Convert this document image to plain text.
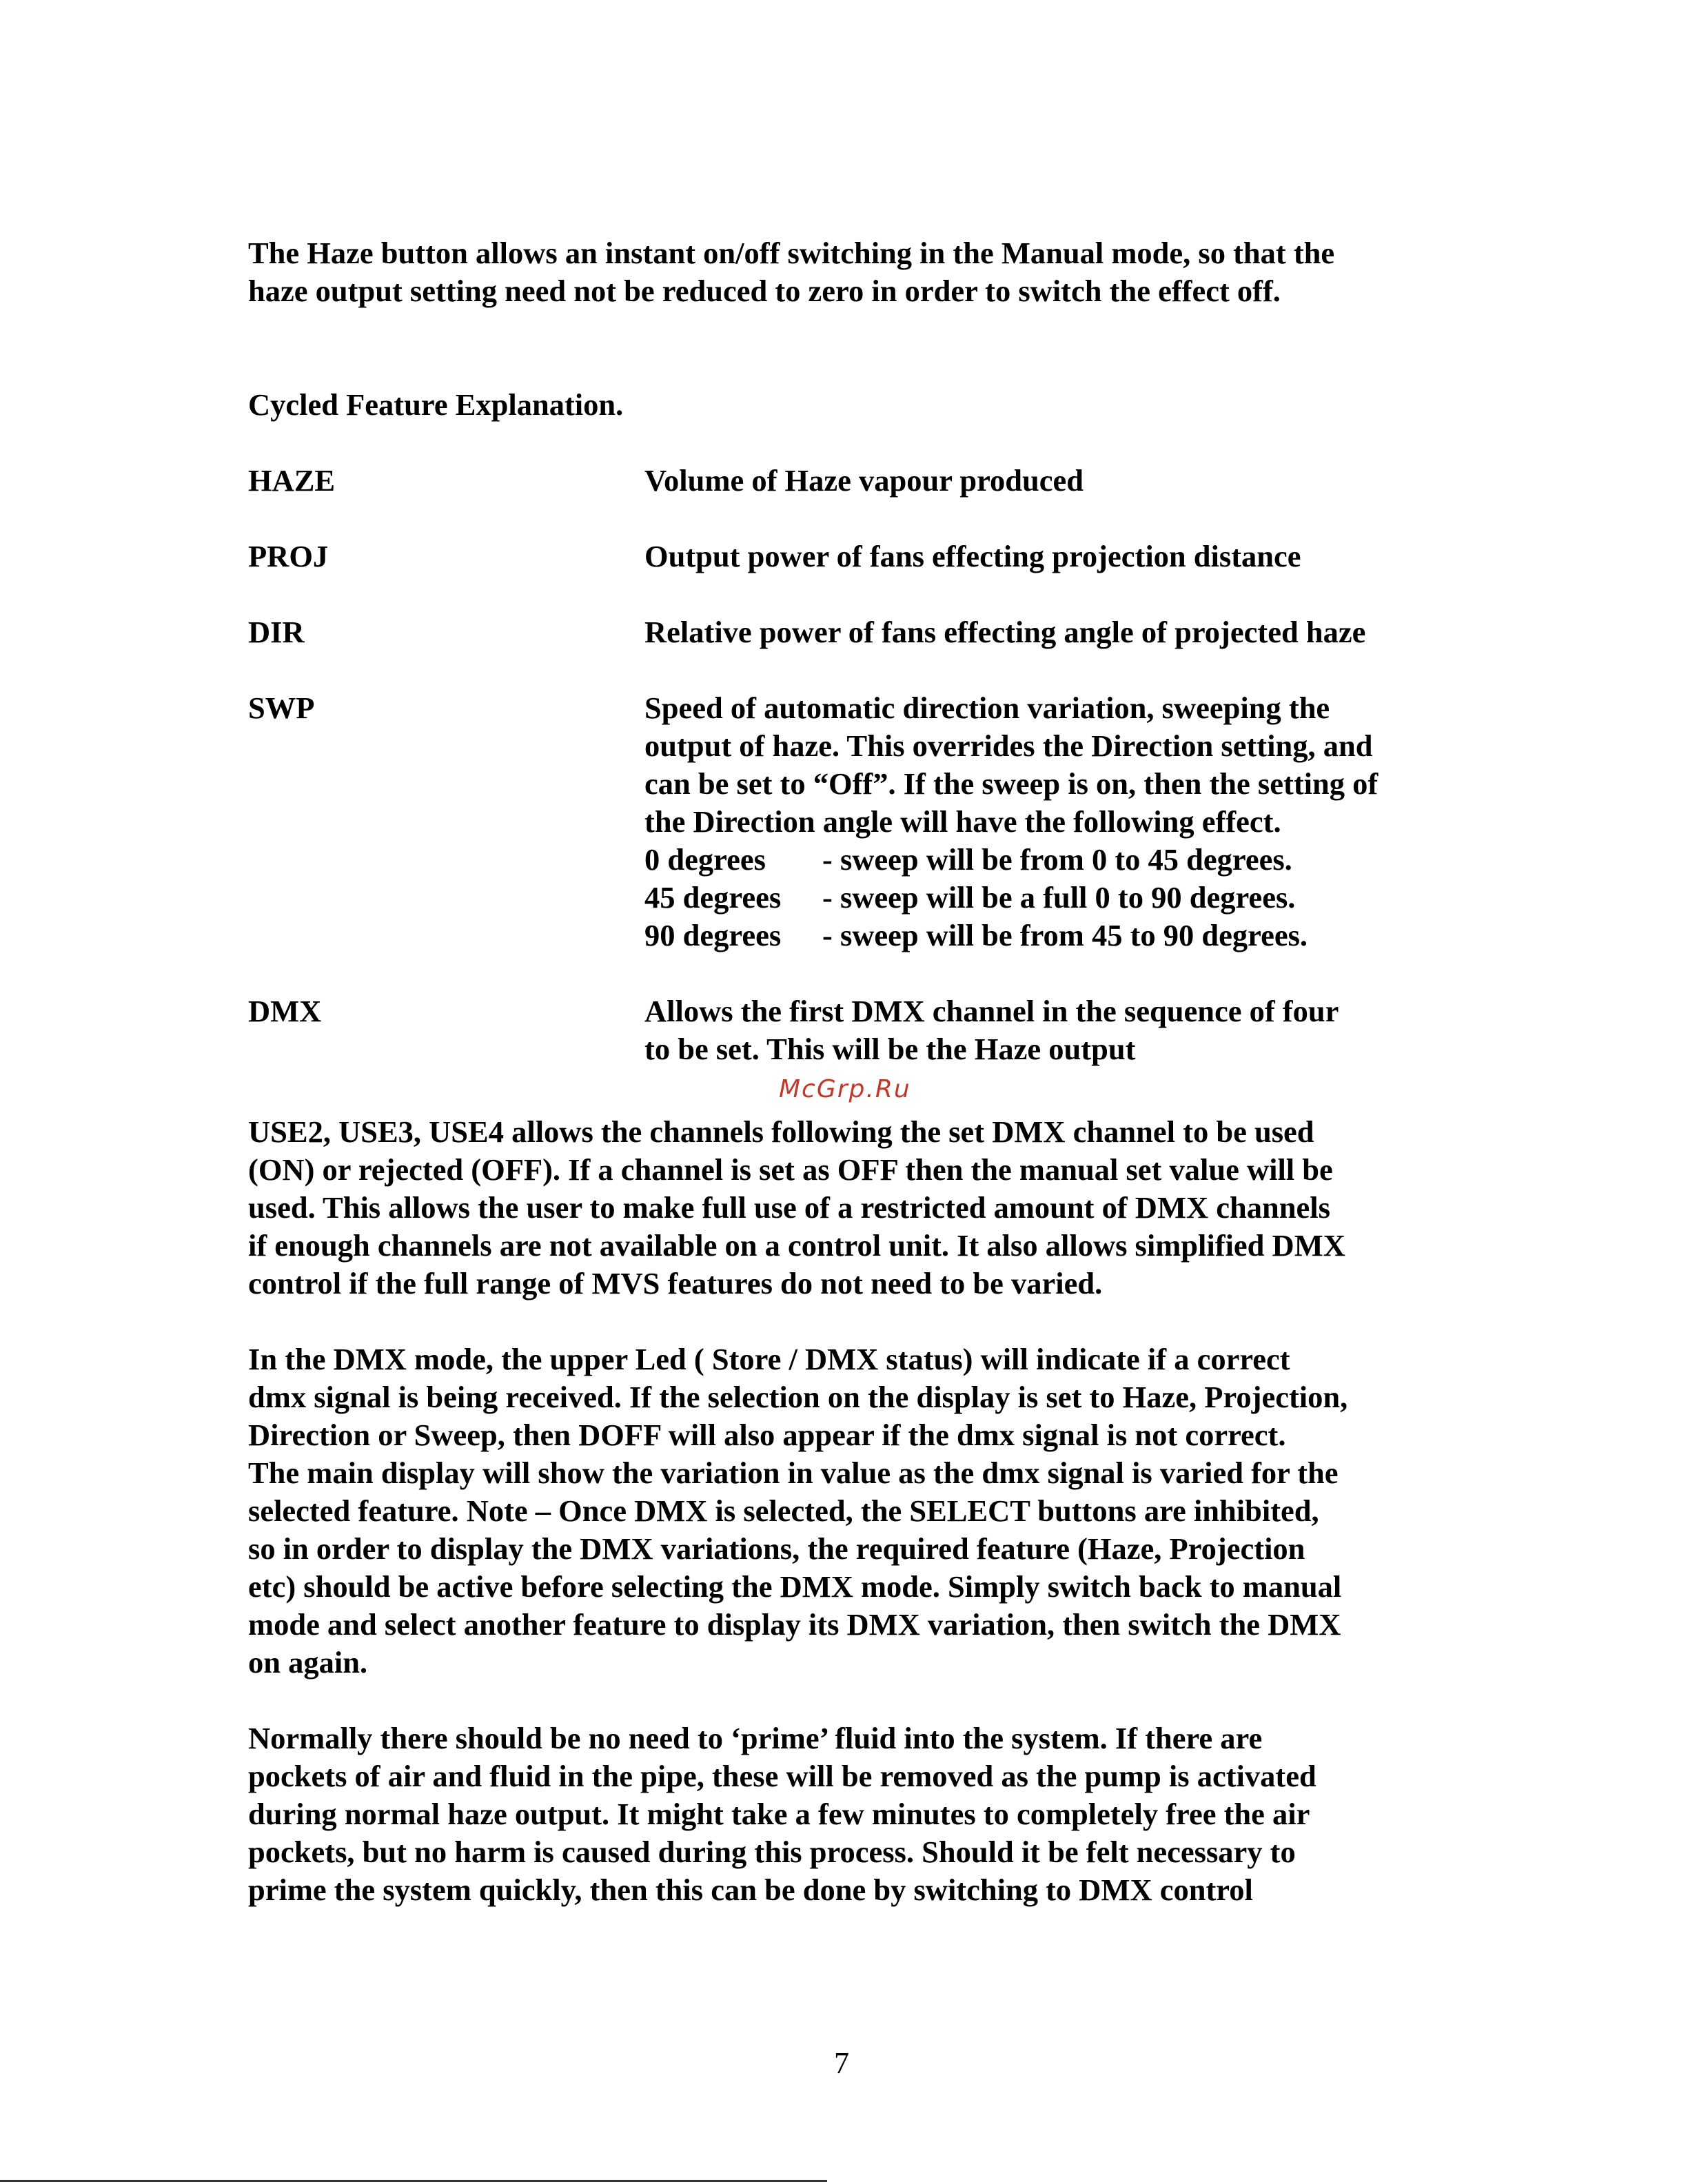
The Haze button allows an instant on/off switching in the Manual mode, so that the
haze output setting need not be reduced to zero in order to switch the effect off.

Cycled Feature Explanation.

HAZE	Volume of Haze vapour produced

PROJ	Output power of fans effecting projection distance

DIR	Relative power of fans effecting angle of projected haze

SWP	Speed of automatic direction variation, sweeping the
output of haze. This overrides the Direction setting, and
can be set to “Off”. If the sweep is on, then the setting of
the Direction angle will have the following effect.
0 degrees - sweep will be from 0 to 45 degrees.
45 degrees - sweep will be a full 0 to 90 degrees.
90 degrees - sweep will be from 45 to 90 degrees.

DMX	Allows the first DMX channel in the sequence of four
to be set. This will be the Haze output

McGrp.Ru

USE2, USE3, USE4 allows the channels following the set DMX channel to be used
(ON) or rejected (OFF). If a channel is set as OFF then the manual set value will be
used. This allows the user to make full use of a restricted amount of DMX channels
if enough channels are not available on a control unit. It also allows simplified DMX
control if the full range of MVS features do not need to be varied.

In the DMX mode, the upper Led ( Store / DMX status) will indicate if a correct
dmx signal is being received. If the selection on the display is set to Haze, Projection,
Direction or Sweep, then DOFF will also appear if the dmx signal is not correct.
The main display will show the variation in value as the dmx signal is varied for the
selected feature. Note – Once DMX is selected, the SELECT buttons are inhibited,
so in order to display the DMX variations, the required feature (Haze, Projection
etc) should be active before selecting the DMX mode. Simply switch back to manual
mode and select another feature to display its DMX variation, then switch the DMX
on again.

Normally there should be no need to ‘prime’ fluid into the system. If there are
pockets of air and fluid in the pipe, these will be removed as the pump is activated
during normal haze output. It might take a few minutes to completely free the air
pockets, but no harm is caused during this process. Should it be felt necessary to
prime the system quickly, then this can be done by switching to DMX control

7
